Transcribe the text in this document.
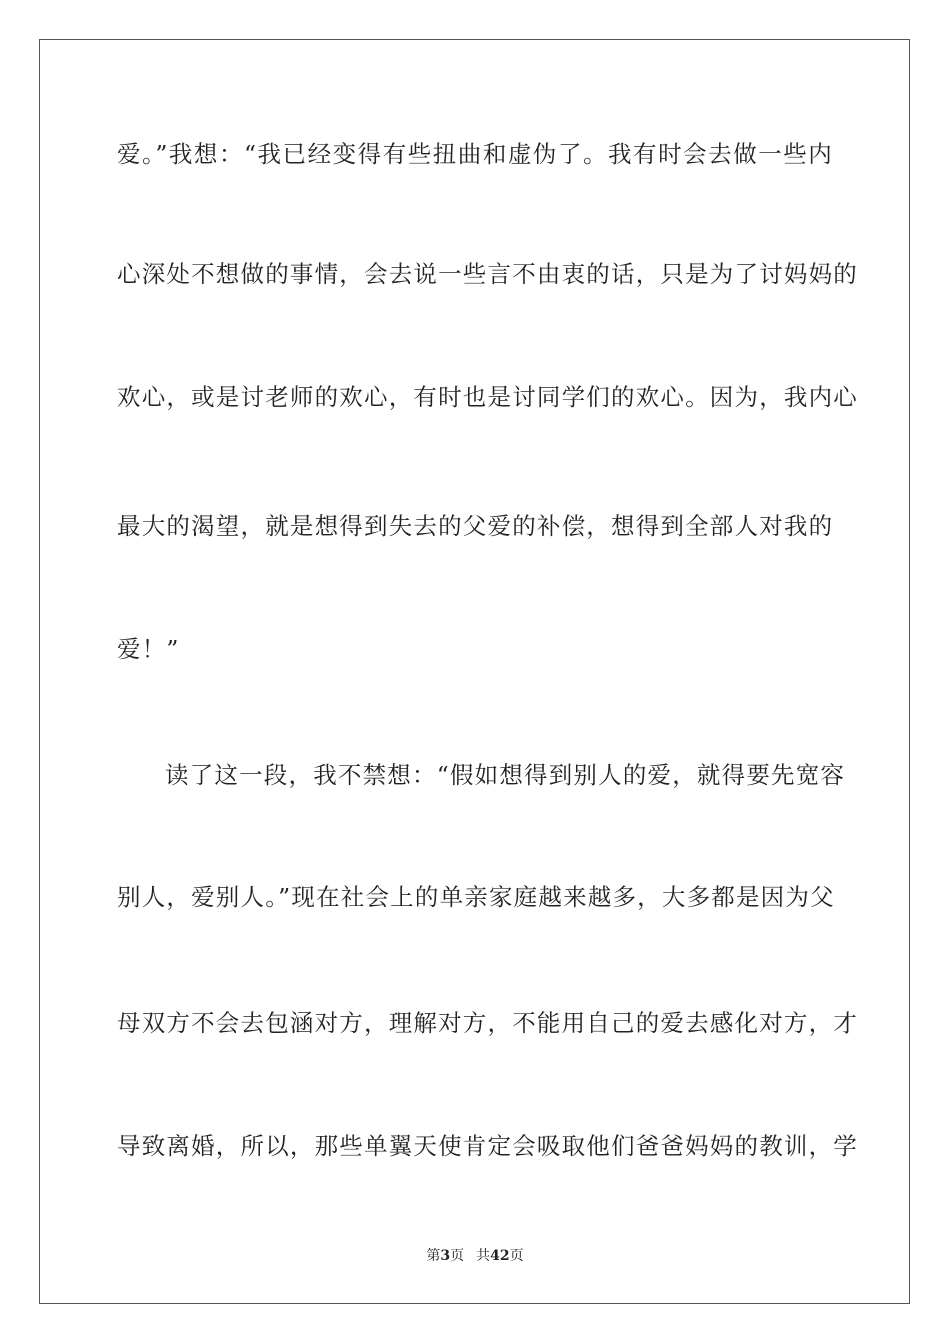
爱。”我想：“我已经变得有些扭曲和虚伪了。我有时会去做一些内
心深处不想做的事情，会去说一些言不由衷的话，只是为了讨妈妈的
欢心，或是讨老师的欢心，有时也是讨同学们的欢心。因为，我内心
最大的渴望，就是想得到失去的父爱的补偿，想得到全部人对我的
爱！”
读了这一段，我不禁想：“假如想得到别人的爱，就得要先宽容
别人，爱别人。”现在社会上的单亲家庭越来越多，大多都是因为父
母双方不会去包涵对方，理解对方，不能用自己的爱去感化对方，才
导致离婚，所以，那些单翼天使肯定会吸取他们爸爸妈妈的教训，学
第3页 共42页
